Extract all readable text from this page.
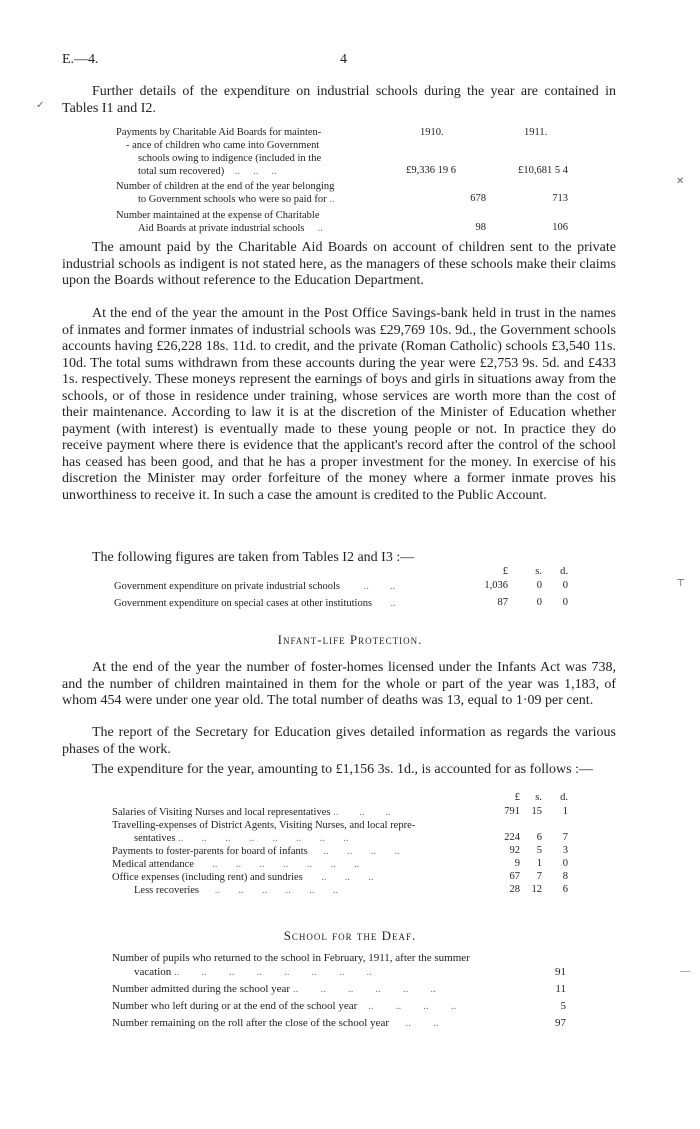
E.—4.	4

Further details of the expenditure on industrial schools during the year are contained in Tables I1 and I2.

1910.	1911.
Payments by Charitable Aid Boards for mainten-
- ance of children who came into Government
schools owing to indigence (included in the
total sum recovered)    ..     ..     ..	£9,336 19 6	£10,681 5 4
Number of children at the end of the year belonging
to Government schools who were so paid for ..	678	713
Number maintained at the expense of Charitable
Aid Boards at private industrial schools     ..	98	106

The amount paid by the Charitable Aid Boards on account of children sent to the private industrial schools as indigent is not stated here, as the managers of these schools make their claims upon the Boards without reference to the Education Department.

At the end of the year the amount in the Post Office Savings-bank held in trust in the names of inmates and former inmates of industrial schools was £29,769 10s. 9d., the Government schools accounts having £26,228 18s. 11d. to credit, and the private (Roman Catholic) schools £3,540 11s. 10d. The total sums withdrawn from these accounts during the year were £2,753 9s. 5d. and £433 1s. respectively. These moneys represent the earnings of boys and girls in situations away from the schools, or of those in residence under training, whose services are worth more than the cost of their maintenance. According to law it is at the discretion of the Minister of Education whether payment (with interest) is eventually made to these young people or not. In practice they do receive payment where there is evidence that the applicant's record after the control of the school has ceased has been good, and that he has a proper investment for the money. In exercise of his discretion the Minister may order forfeiture of the money where a former inmate proves his unworthiness to receive it. In such a case the amount is credited to the Public Account.

The following figures are taken from Tables I2 and I3 :—

£	s.	d.
Government expenditure on private industrial schools         ..        ..	1,036	0	0
Government expenditure on special cases at other institutions       ..	87	0	0
Infant-life Protection.

At the end of the year the number of foster-homes licensed under the Infants Act was 738, and the number of children maintained in them for the whole or part of the year was 1,183, of whom 454 were under one year old. The total number of deaths was 13, equal to 1·09 per cent.

The report of the Secretary for Education gives detailed information as regards the various phases of the work.

The expenditure for the year, amounting to £1,156 3s. 1d., is accounted for as follows :—

£	s.	d.
Salaries of Visiting Nurses and local representatives ..        ..        ..	791	15	1
Travelling-expenses of District Agents, Visiting Nurses, and local repre-
sentatives ..       ..       ..       ..       ..       ..       ..       ..	224	6	7
Payments to foster-parents for board of infants      ..       ..       ..       ..	92	5	3
Medical attendance       ..       ..       ..       ..       ..       ..       ..	9	1	0
Office expenses (including rent) and sundries       ..       ..       ..	67	7	8
Less recoveries      ..       ..       ..       ..       ..       ..	28	12	6
School for the Deaf.
Number of pupils who returned to the school in February, 1911, after the summer
vacation ..        ..        ..        ..        ..        ..        ..        ..	91
Number admitted during the school year ..        ..        ..        ..        ..        ..	11
Number who left during or at the end of the school year    ..        ..        ..        ..	5
Number remaining on the roll after the close of the school year      ..        ..	97
✓
✕
⊤
—
